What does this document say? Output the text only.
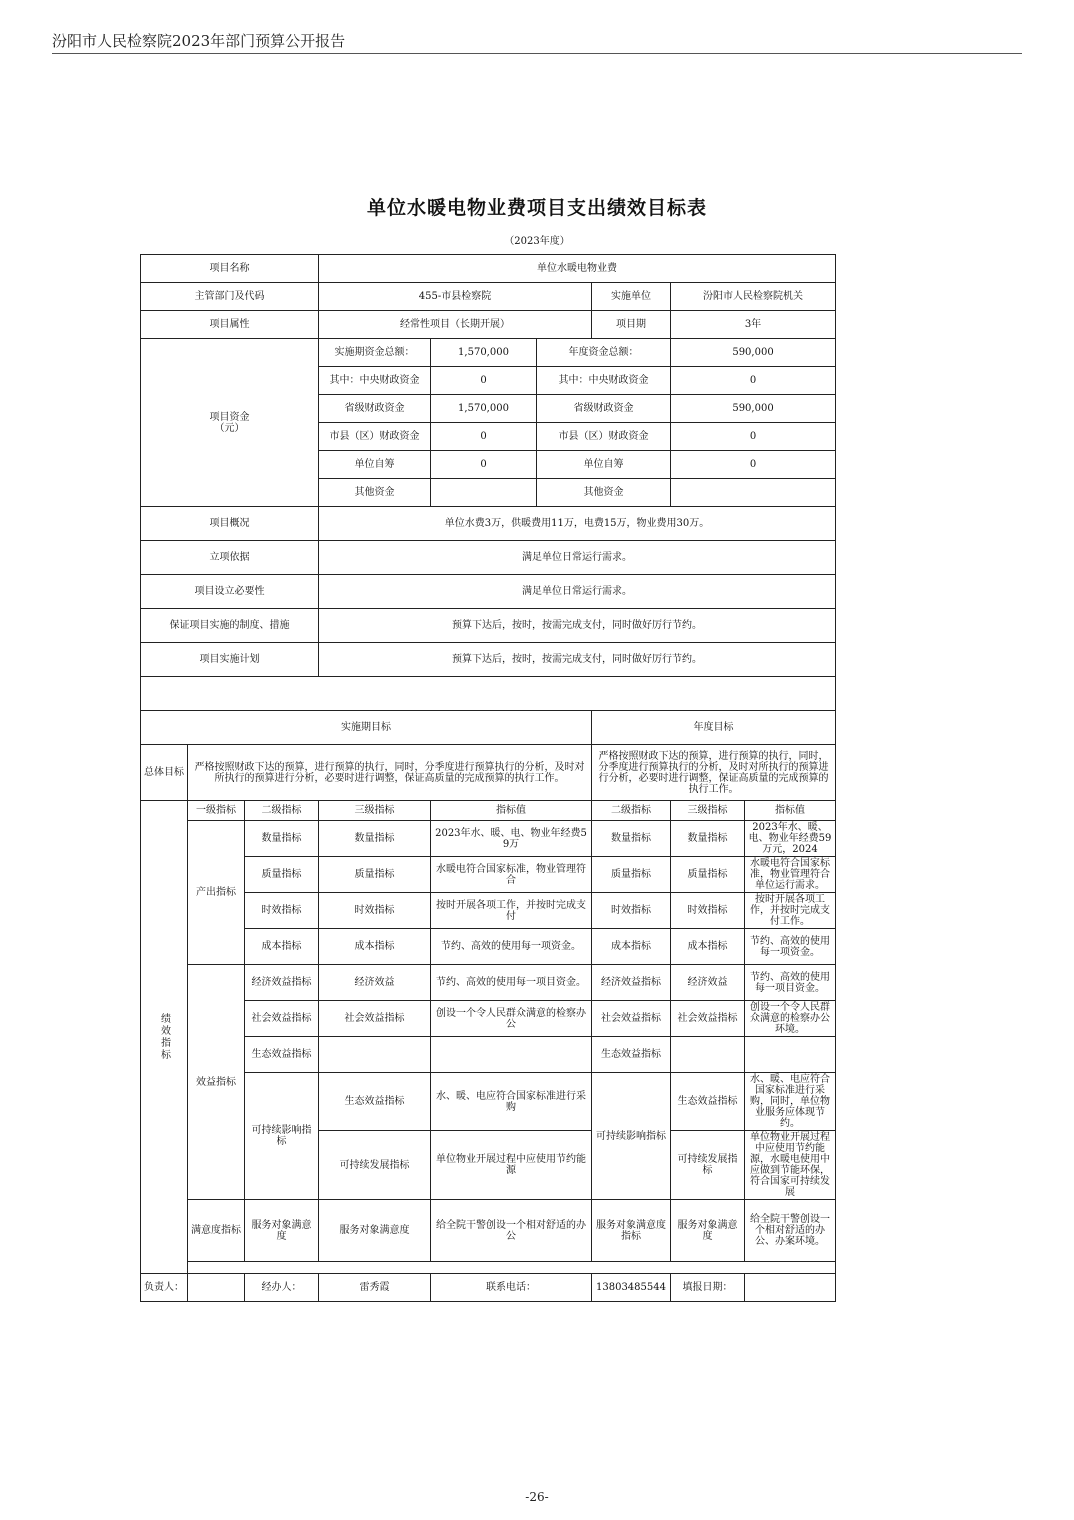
汾阳市人民检察院2023年部门预算公开报告
单位水暖电物业费项目支出绩效目标表
（2023年度）
项目名称			单位水暖电物业费					
主管部门及代码			455-市县检察院			实施单位	汾阳市人民检察院机关	
项目属性			经常性项目（长期开展）			项目期	3年	
项目资金
（元）			实施期资金总额：	1,570,000	年度资金总额：		590,000	
			其中：中央财政资金	0	其中：中央财政资金		0	
			省级财政资金	1,570,000	省级财政资金		590,000	
			市县（区）财政资金	0	市县（区）财政资金		0	
			单位自筹	0	单位自筹		0	
			其他资金		其他资金			
项目概况			单位水费3万，供暖费用11万，电费15万，物业费用30万。					
立项依据			满足单位日常运行需求。					
项目设立必要性			满足单位日常运行需求。					
保证项目实施的制度、措施			预算下达后，按时，按需完成支付，同时做好厉行节约。					
项目实施计划			预算下达后，按时，按需完成支付，同时做好厉行节约。					

实施期目标						年度目标		
总体目标	严格按照财政下达的预算，进行预算的执行，同时，分季度进行预算执行的分析，及时对所执行的预算进行分析，必要时进行调整，保证高质量的完成预算的执行工作。					严格按照财政下达的预算，进行预算的执行，同时，分季度进行预算执行的分析，及时对所执行的预算进行分析，必要时进行调整，保证高质量的完成预算的执行工作。		
绩效指标	一级指标	二级指标	三级指标	指标值		二级指标	三级指标	指标值
	产出指标	数量指标	数量指标	2023年水、暖、电、物业年经费59万		数量指标	数量指标	2023年水、暖、电、物业年经费59万元，2024
		质量指标	质量指标	水暖电符合国家标准，物业管理符合		质量指标	质量指标	水暖电符合国家标准，物业管理符合单位运行需求。
		时效指标	时效指标	按时开展各项工作，并按时完成支付		时效指标	时效指标	按时开展各项工作，并按时完成支付工作。
		成本指标	成本指标	节约、高效的使用每一项资金。		成本指标	成本指标	节约、高效的使用每一项资金。
	效益指标	经济效益指标	经济效益	节约、高效的使用每一项目资金。		经济效益指标	经济效益	节约、高效的使用每一项目资金。
		社会效益指标	社会效益指标	创设一个令人民群众满意的检察办公		社会效益指标	社会效益指标	创设一个令人民群众满意的检察办公环境。
		生态效益指标				生态效益指标		
		可持续影响指标	生态效益指标	水、暖、电应符合国家标准进行采购		可持续影响指标	生态效益指标	水、暖、电应符合国家标准进行采购，同时，单位物业服务应体现节约。
			可持续发展指标	单位物业开展过程中应使用节约能源			可持续发展指标	单位物业开展过程中应使用节约能源，水暖电使用中应做到节能环保，符合国家可持续发展
	满意度指标	服务对象满意度	服务对象满意度	给全院干警创设一个相对舒适的办公		服务对象满意度指标	服务对象满意度	给全院干警创设一个相对舒适的办公、办案环境。

负责人：		经办人：	雷秀霞	联系电话：		13803485544	填报日期：	
-26-
